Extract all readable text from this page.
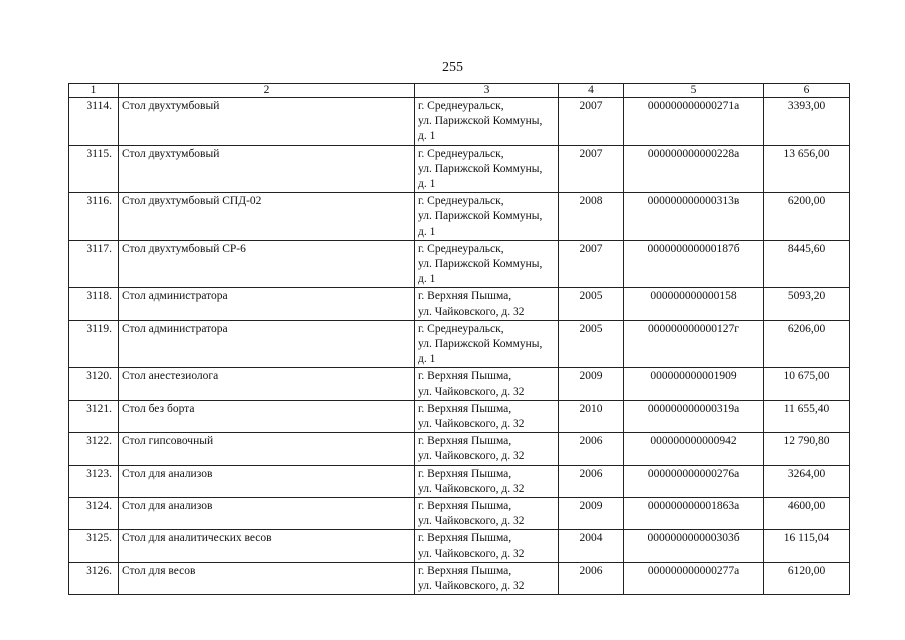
255
1	2	3	4	5	6
3114.	Стол двухтумбовый	г. Среднеуральск,
ул. Парижской Коммуны,
д. 1	2007	000000000000271а	3393,00
3115.	Стол двухтумбовый	г. Среднеуральск,
ул. Парижской Коммуны,
д. 1	2007	000000000000228а	13 656,00
3116.	Стол двухтумбовый СПД-02	г. Среднеуральск,
ул. Парижской Коммуны,
д. 1	2008	000000000000313в	6200,00
3117.	Стол двухтумбовый СР-6	г. Среднеуральск,
ул. Парижской Коммуны,
д. 1	2007	000000000000187б	8445,60
3118.	Стол администратора	г. Верхняя Пышма,
ул. Чайковского, д. 32	2005	000000000000158	5093,20
3119.	Стол администратора	г. Среднеуральск,
ул. Парижской Коммуны,
д. 1	2005	000000000000127г	6206,00
3120.	Стол анестезиолога	г. Верхняя Пышма,
ул. Чайковского, д. 32	2009	000000000001909	10 675,00
3121.	Стол без борта	г. Верхняя Пышма,
ул. Чайковского, д. 32	2010	000000000000319а	11 655,40
3122.	Стол гипсовочный	г. Верхняя Пышма,
ул. Чайковского, д. 32	2006	000000000000942	12 790,80
3123.	Стол для анализов	г. Верхняя Пышма,
ул. Чайковского, д. 32	2006	000000000000276а	3264,00
3124.	Стол для анализов	г. Верхняя Пышма,
ул. Чайковского, д. 32	2009	000000000001863а	4600,00
3125.	Стол для аналитических весов	г. Верхняя Пышма,
ул. Чайковского, д. 32	2004	000000000000303б	16 115,04
3126.	Стол для весов	г. Верхняя Пышма,
ул. Чайковского, д. 32	2006	000000000000277а	6120,00
